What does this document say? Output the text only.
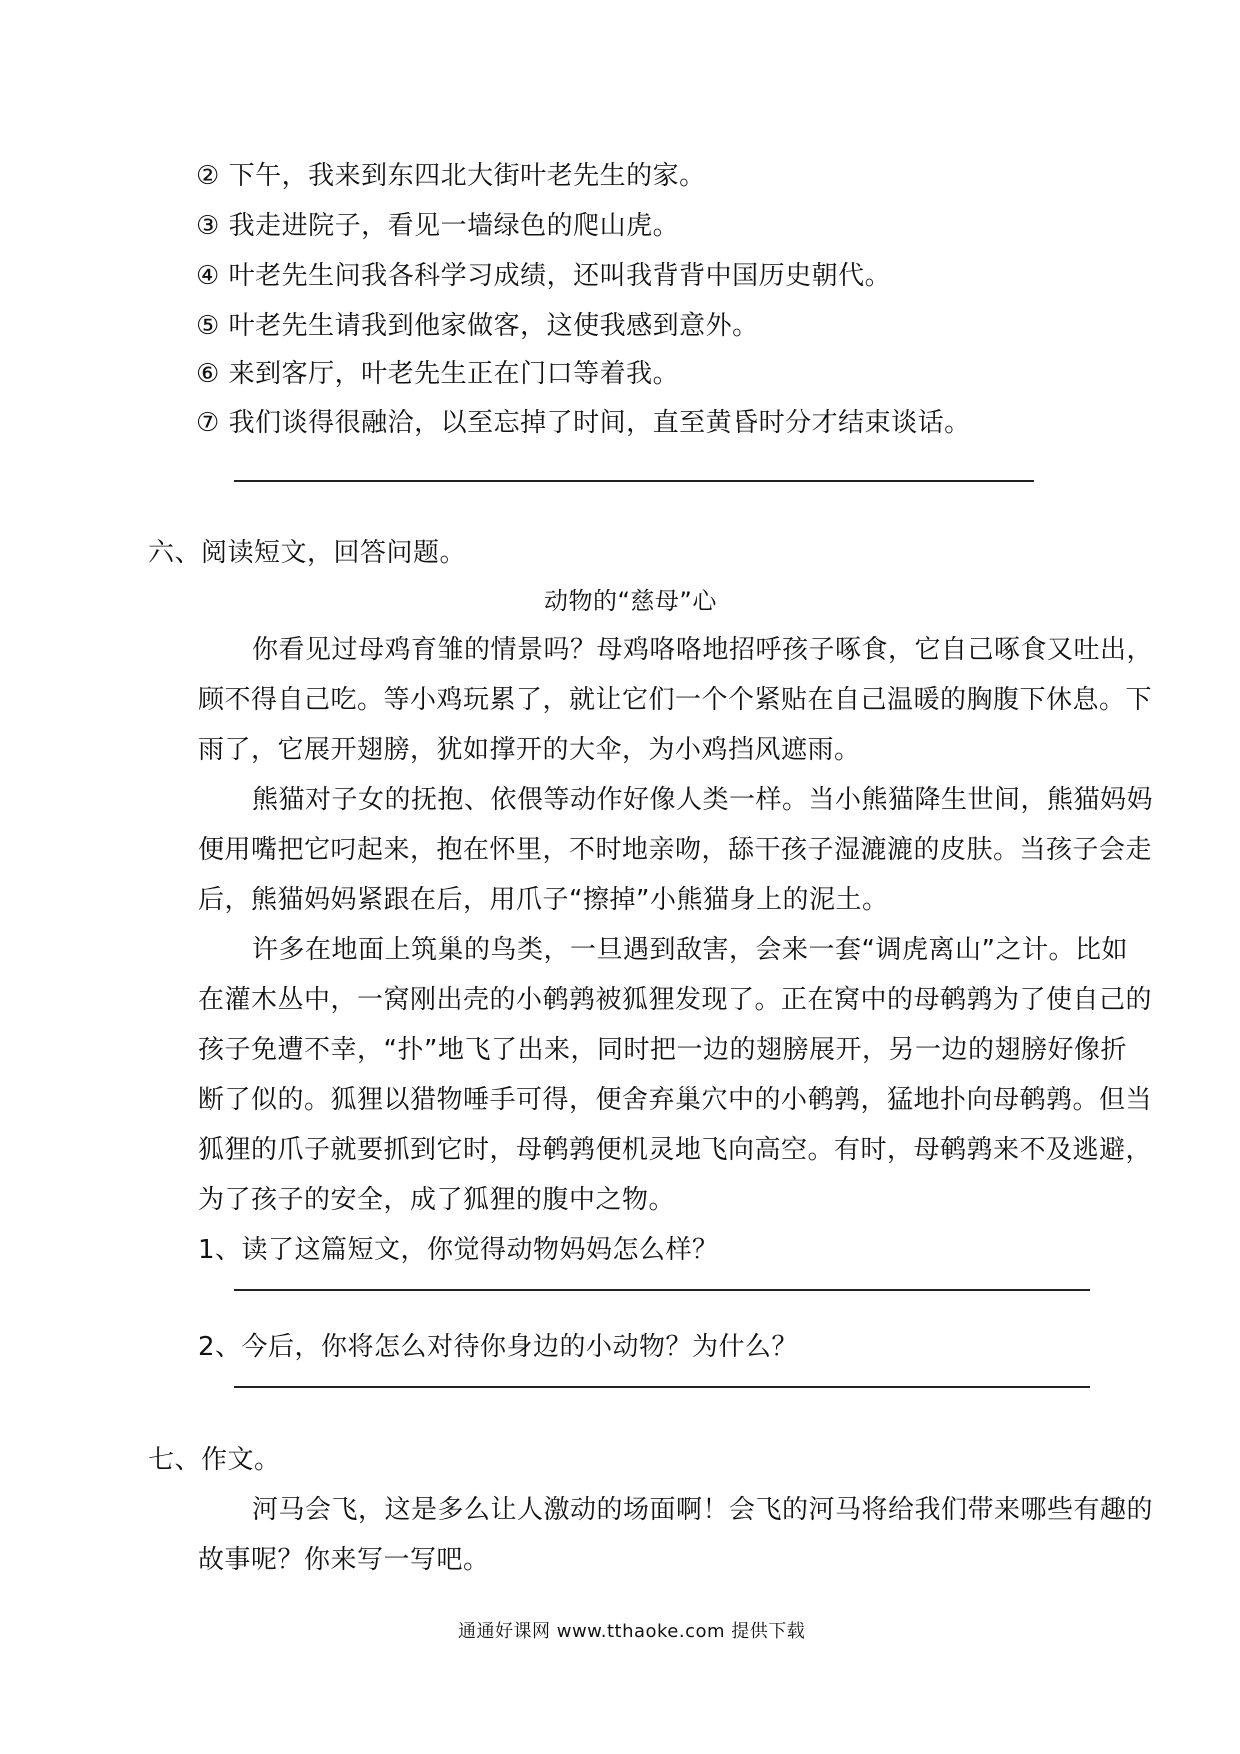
② 下午，我来到东四北大街叶老先生的家。
③ 我走进院子，看见一墙绿色的爬山虎。
④ 叶老先生问我各科学习成绩，还叫我背背中国历史朝代。
⑤ 叶老先生请我到他家做客，这使我感到意外。
⑥ 来到客厅，叶老先生正在门口等着我。
⑦ 我们谈得很融洽，以至忘掉了时间，直至黄昏时分才结束谈话。
六、阅读短文，回答问题。
动物的“慈母”心
你看见过母鸡育雏的情景吗？母鸡咯咯地招呼孩子啄食，它自己啄食又吐出，
顾不得自己吃。等小鸡玩累了，就让它们一个个紧贴在自己温暖的胸腹下休息。下
雨了，它展开翅膀，犹如撑开的大伞，为小鸡挡风遮雨。
熊猫对子女的抚抱、依偎等动作好像人类一样。当小熊猫降生世间，熊猫妈妈
便用嘴把它叼起来，抱在怀里，不时地亲吻，舔干孩子湿漉漉的皮肤。当孩子会走
后，熊猫妈妈紧跟在后，用爪子“擦掉”小熊猫身上的泥土。
许多在地面上筑巢的鸟类，一旦遇到敌害，会来一套“调虎离山”之计。比如
在灌木丛中，一窝刚出壳的小鹌鹑被狐狸发现了。正在窝中的母鹌鹑为了使自己的
孩子免遭不幸，“扑”地飞了出来，同时把一边的翅膀展开，另一边的翅膀好像折
断了似的。狐狸以猎物唾手可得，便舍弃巢穴中的小鹌鹑，猛地扑向母鹌鹑。但当
狐狸的爪子就要抓到它时，母鹌鹑便机灵地飞向高空。有时，母鹌鹑来不及逃避，
为了孩子的安全，成了狐狸的腹中之物。
1、读了这篇短文，你觉得动物妈妈怎么样？
2、今后，你将怎么对待你身边的小动物？为什么？
七、作文。
河马会飞，这是多么让人激动的场面啊！会飞的河马将给我们带来哪些有趣的
故事呢？你来写一写吧。
通通好课网 www.tthaoke.com 提供下载
